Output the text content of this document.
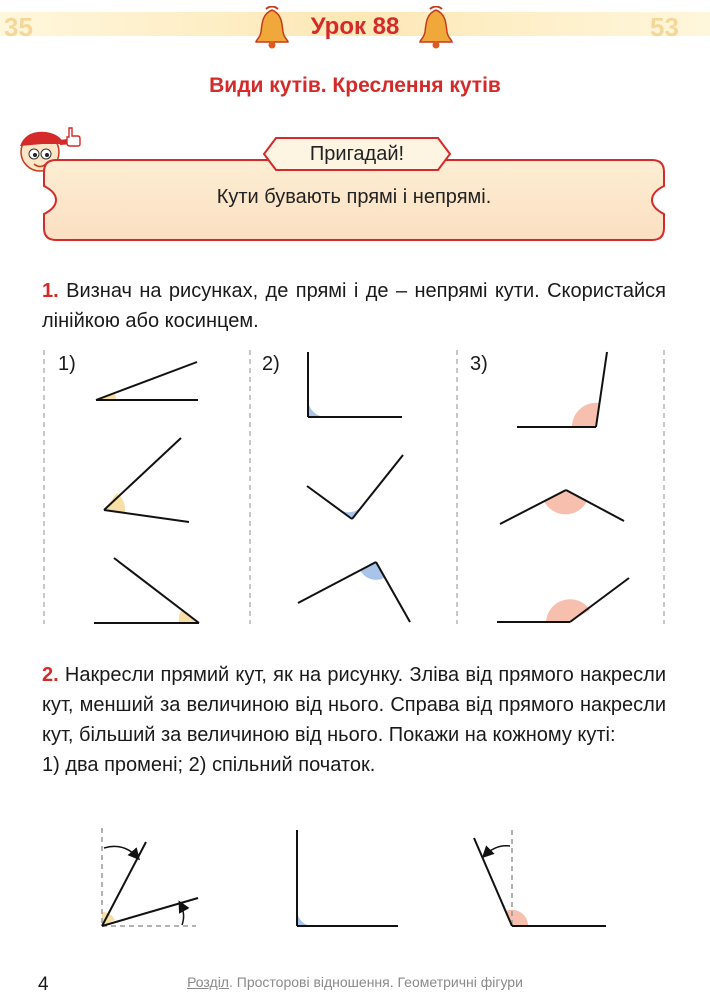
35	53
Урок 88
Види кутів. Креслення кутів
Пригадай!
Кути бувають прямі і непрямі.
1. Визнач на рисунках, де прямі і де – непрямі кути. Скористайся лінійкою або косинцем.
1)	2)	3)
2. Накресли прямий кут, як на рисунку. Зліва від прямого накресли кут, менший за величиною від нього. Справа від прямого накресли кут, більший за величиною від нього. Покажи на кожному куті:
1) два промені; 2) спільний початок.
4	Розділ. Просторові відношення. Геометричні фігури
